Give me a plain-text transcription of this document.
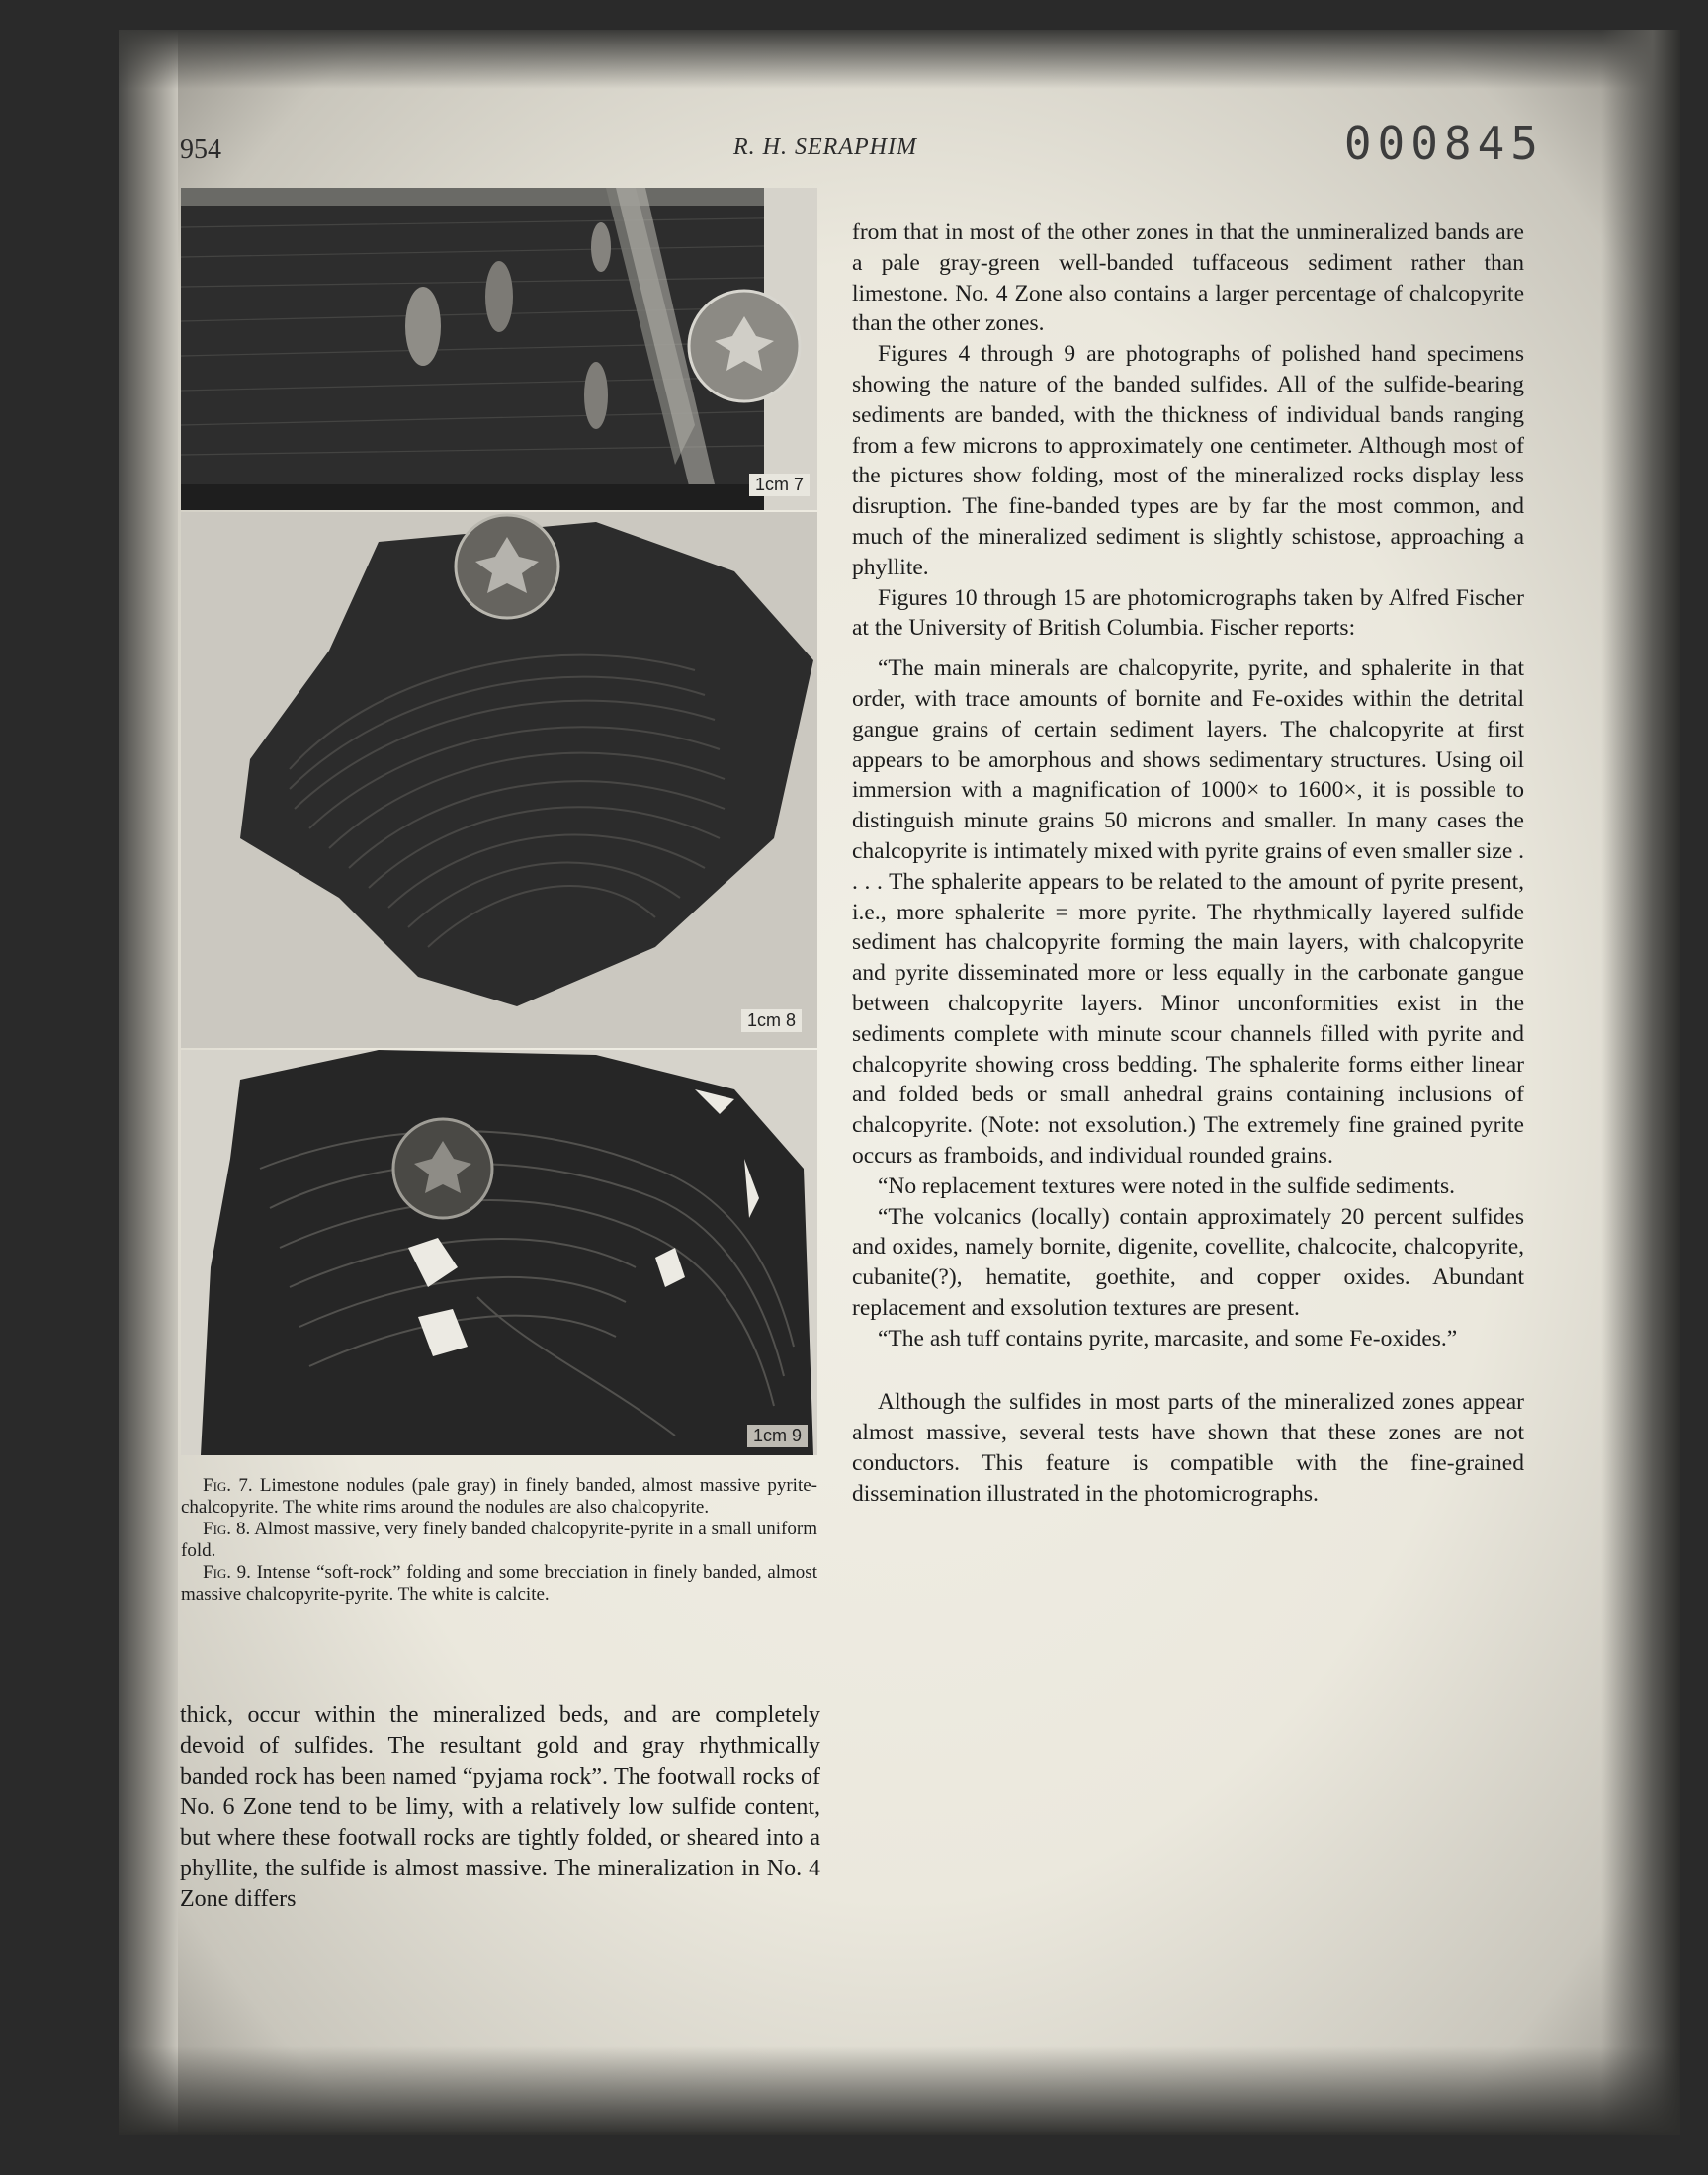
954	R. H. SERAPHIM	000845
1cm 7
1cm 8
1cm 9

Fig. 7. Limestone nodules (pale gray) in finely banded, almost massive pyrite-chalcopyrite. The white rims around the nodules are also chalcopyrite.

Fig. 8. Almost massive, very finely banded chalcopyrite-pyrite in a small uniform fold.

Fig. 9. Intense “soft-rock” folding and some brecciation in finely banded, almost massive chalcopyrite-pyrite. The white is calcite.

thick, occur within the mineralized beds, and are completely devoid of sulfides. The resultant gold and gray rhythmically banded rock has been named “pyjama rock”. The footwall rocks of No. 6 Zone tend to be limy, with a relatively low sulfide content, but where these footwall rocks are tightly folded, or sheared into a phyllite, the sulfide is almost massive. The mineralization in No. 4 Zone differs

from that in most of the other zones in that the unmineralized bands are a pale gray-green well-banded tuffaceous sediment rather than limestone. No. 4 Zone also contains a larger percentage of chalcopyrite than the other zones.

Figures 4 through 9 are photographs of polished hand specimens showing the nature of the banded sulfides. All of the sulfide-bearing sediments are banded, with the thickness of individual bands ranging from a few microns to approximately one centimeter. Although most of the pictures show folding, most of the mineralized rocks display less disruption. The fine-banded types are by far the most common, and much of the mineralized sediment is slightly schistose, approaching a phyllite.

Figures 10 through 15 are photomicrographs taken by Alfred Fischer at the University of British Columbia. Fischer reports:

“The main minerals are chalcopyrite, pyrite, and sphalerite in that order, with trace amounts of bornite and Fe-oxides within the detrital gangue grains of certain sediment layers. The chalcopyrite at first appears to be amorphous and shows sedimentary structures. Using oil immersion with a magnification of 1000× to 1600×, it is possible to distinguish minute grains 50 microns and smaller. In many cases the chalcopyrite is intimately mixed with pyrite grains of even smaller size . . . . The sphalerite appears to be related to the amount of pyrite present, i.e., more sphalerite = more pyrite. The rhythmically layered sulfide sediment has chalcopyrite forming the main layers, with chalcopyrite and pyrite disseminated more or less equally in the carbonate gangue between chalcopyrite layers. Minor unconformities exist in the sediments complete with minute scour channels filled with pyrite and chalcopyrite showing cross bedding. The sphalerite forms either linear and folded beds or small anhedral grains containing inclusions of chalcopyrite. (Note: not exsolution.) The extremely fine grained pyrite occurs as framboids, and individual rounded grains.

“No replacement textures were noted in the sulfide sediments.

“The volcanics (locally) contain approximately 20 percent sulfides and oxides, namely bornite, digenite, covellite, chalcocite, chalcopyrite, cubanite(?), hematite, goethite, and copper oxides. Abundant replacement and exsolution textures are present.

“The ash tuff contains pyrite, marcasite, and some Fe-oxides.”

Although the sulfides in most parts of the mineralized zones appear almost massive, several tests have shown that these zones are not conductors. This feature is compatible with the fine-grained dissemination illustrated in the photomicrographs.
